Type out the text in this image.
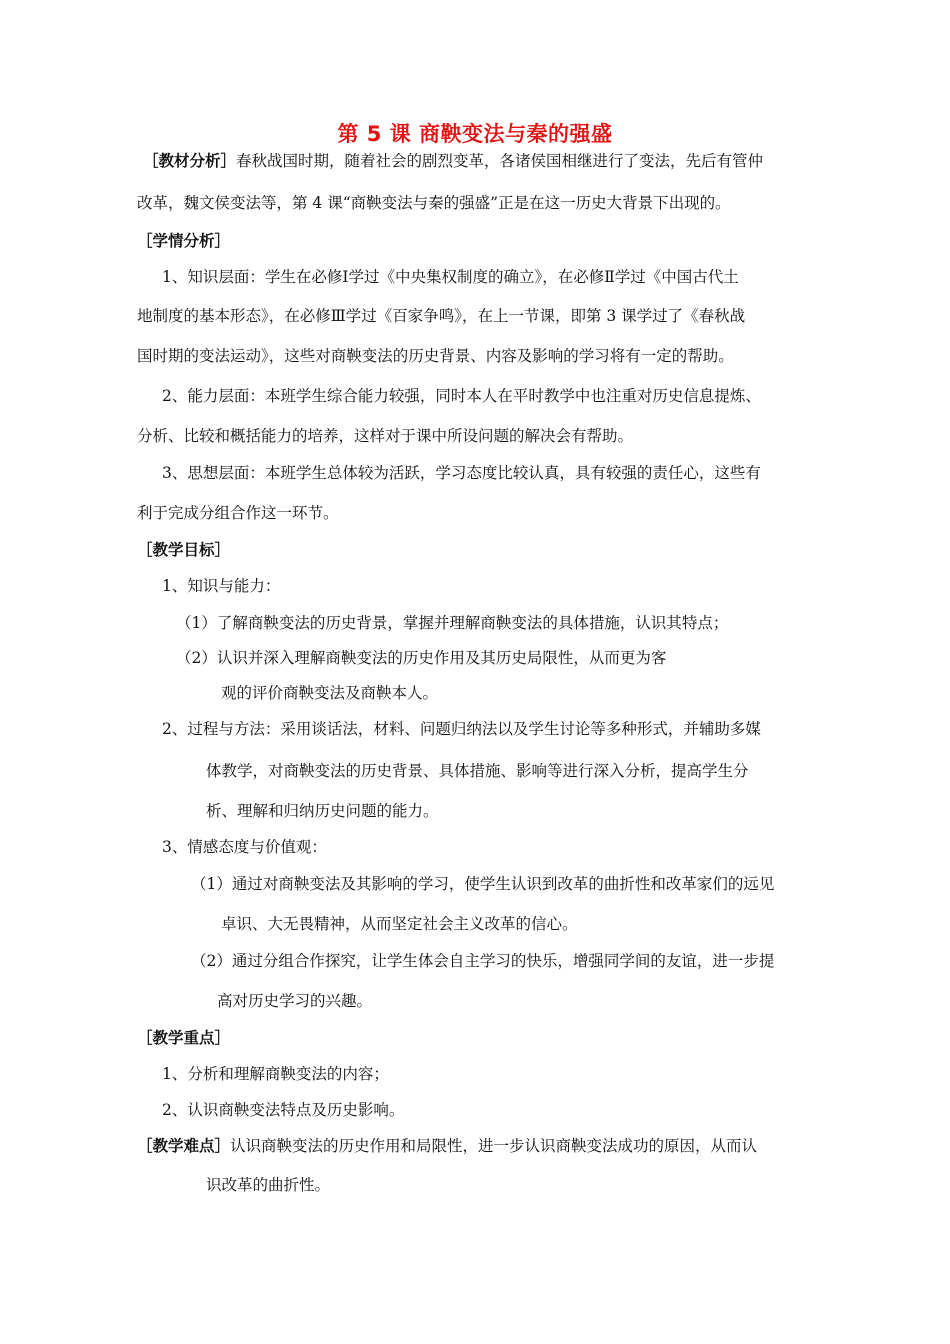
第 5 课 商鞅变法与秦的强盛
［教材分析］春秋战国时期，随着社会的剧烈变革，各诸侯国相继进行了变法，先后有管仲
改革，魏文侯变法等，第 4 课“商鞅变法与秦的强盛”正是在这一历史大背景下出现的。
［学情分析］
1、知识层面：学生在必修Ⅰ学过《中央集权制度的确立》，在必修Ⅱ学过《中国古代土
地制度的基本形态》，在必修Ⅲ学过《百家争鸣》，在上一节课，即第 3 课学过了《春秋战
国时期的变法运动》，这些对商鞅变法的历史背景、内容及影响的学习将有一定的帮助。
2、能力层面：本班学生综合能力较强，同时本人在平时教学中也注重对历史信息提炼、
分析、比较和概括能力的培养，这样对于课中所设问题的解决会有帮助。
3、思想层面：本班学生总体较为活跃，学习态度比较认真，具有较强的责任心，这些有
利于完成分组合作这一环节。
［教学目标］
1、知识与能力：
（1）了解商鞅变法的历史背景，掌握并理解商鞅变法的具体措施，认识其特点；
（2）认识并深入理解商鞅变法的历史作用及其历史局限性，从而更为客
观的评价商鞅变法及商鞅本人。
2、过程与方法：采用谈话法，材料、问题归纳法以及学生讨论等多种形式，并辅助多媒
体教学，对商鞅变法的历史背景、具体措施、影响等进行深入分析，提高学生分
析、理解和归纳历史问题的能力。
3、情感态度与价值观：
（1）通过对商鞅变法及其影响的学习，使学生认识到改革的曲折性和改革家们的远见
卓识、大无畏精神，从而坚定社会主义改革的信心。
（2）通过分组合作探究，让学生体会自主学习的快乐，增强同学间的友谊，进一步提
高对历史学习的兴趣。
［教学重点］
1、分析和理解商鞅变法的内容；
2、认识商鞅变法特点及历史影响。
［教学难点］认识商鞅变法的历史作用和局限性，进一步认识商鞅变法成功的原因，从而认
识改革的曲折性。
